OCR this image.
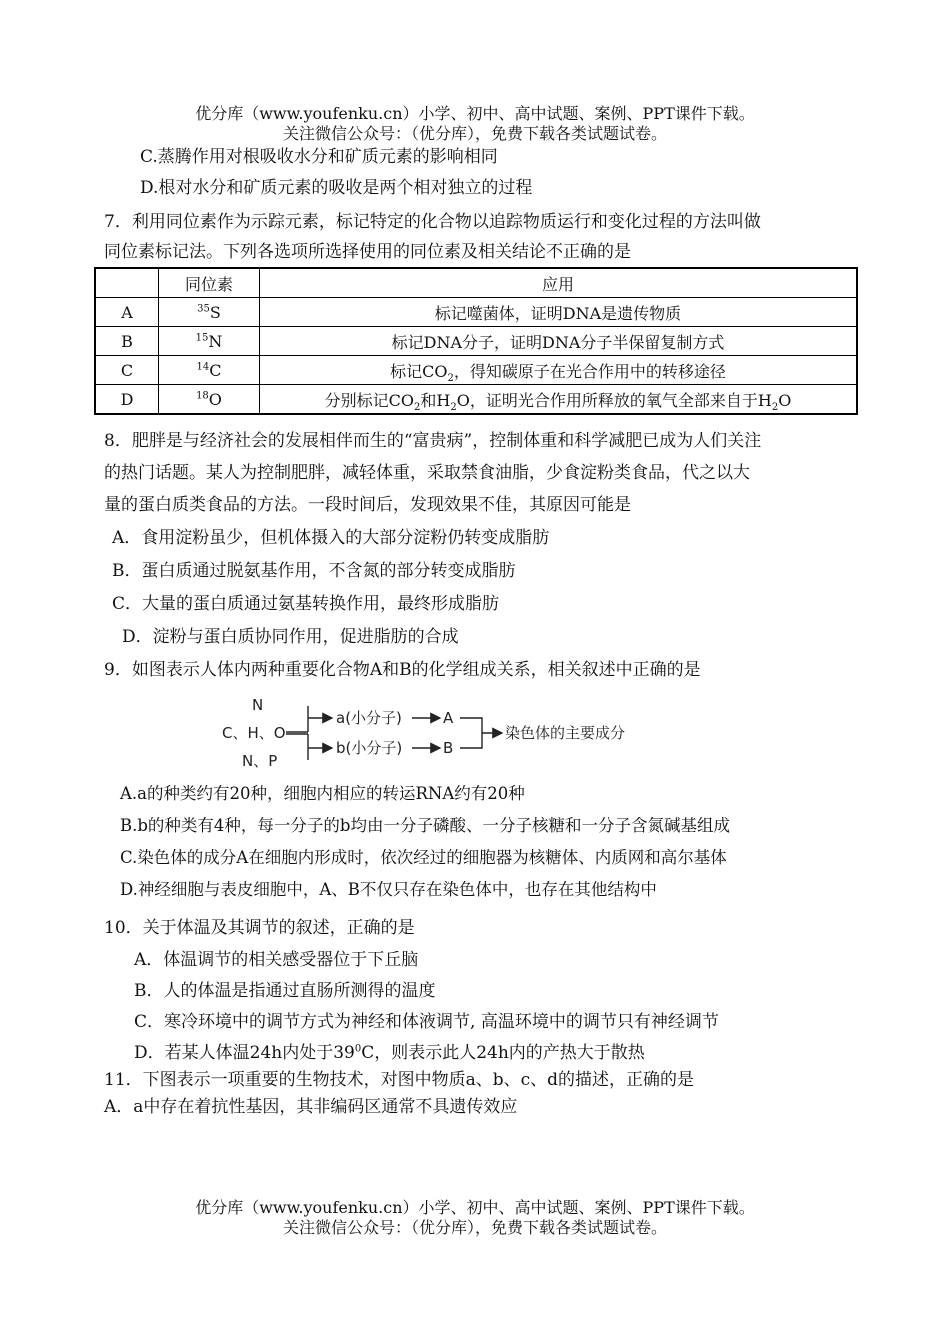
优分库（www.youfenku.cn）小学、初中、高中试题、案例、PPT课件下载。
关注微信公众号：（优分库），免费下载各类试题试卷。
C.蒸腾作用对根吸收水分和矿质元素的影响相同
D.根对水分和矿质元素的吸收是两个相对独立的过程
7．利用同位素作为示踪元素，标记特定的化合物以追踪物质运行和变化过程的方法叫做
同位素标记法。下列各选项所选择使用的同位素及相关结论不正确的是
	同位素	应用
A	$^{35}$S	标记噬菌体，证明DNA是遗传物质
B	$^{15}$N	标记DNA分子，证明DNA分子半保留复制方式
C	$^{14}$C	标记$CO_2$，得知碳原子在光合作用中的转移途径
D	$^{18}$O	分别标记$CO_2$和$H_2O$，证明光合作用所释放的氧气全部来自于$H_2O$
8．肥胖是与经济社会的发展相伴而生的“富贵病”，控制体重和科学减肥已成为人们关注
的热门话题。某人为控制肥胖，减轻体重，采取禁食油脂，少食淀粉类食品，代之以大
量的蛋白质类食品的方法。一段时间后，发现效果不佳，其原因可能是
A．食用淀粉虽少，但机体摄入的大部分淀粉仍转变成脂肪
B．蛋白质通过脱氨基作用，不含氮的部分转变成脂肪
C．大量的蛋白质通过氨基转换作用，最终形成脂肪
D．淀粉与蛋白质协同作用，促进脂肪的合成
9．如图表示人体内两种重要化合物A和B的化学组成关系，相关叙述中正确的是
N
C、H、O
N、P
a(小分子)
b(小分子)
A
B
染色体的主要成分
A.a的种类约有20种，细胞内相应的转运RNA约有20种
B.b的种类有4种，每一分子的b均由一分子磷酸、一分子核糖和一分子含氮碱基组成
C.染色体的成分A在细胞内形成时，依次经过的细胞器为核糖体、内质网和高尔基体
D.神经细胞与表皮细胞中，A、B不仅只存在染色体中，也存在其他结构中
10．关于体温及其调节的叙述，正确的是
A．体温调节的相关感受器位于下丘脑
B．人的体温是指通过直肠所测得的温度
C．寒冷环境中的调节方式为神经和体液调节, 高温环境中的调节只有神经调节
D．若某人体温24h内处于$39^0C$，则表示此人24h内的产热大于散热
11．下图表示一项重要的生物技术，对图中物质a、b、c、d的描述，正确的是
A．a中存在着抗性基因，其非编码区通常不具遗传效应
优分库（www.youfenku.cn）小学、初中、高中试题、案例、PPT课件下载。
关注微信公众号：（优分库），免费下载各类试题试卷。
